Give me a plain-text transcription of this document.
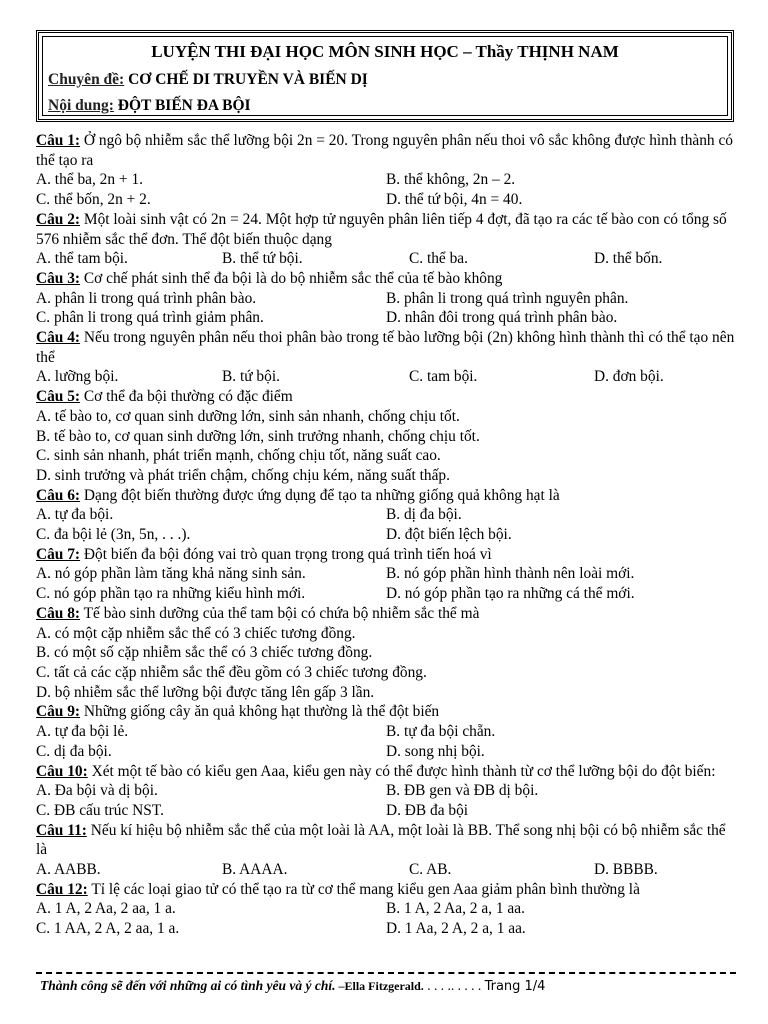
LUYỆN THI ĐẠI HỌC MÔN SINH HỌC – Thầy THỊNH NAM
Chuyên đề: CƠ CHẾ DI TRUYỀN VÀ BIẾN DỊ
Nội dung: ĐỘT BIẾN ĐA BỘI
Câu 1: Ở ngô bộ nhiễm sắc thể lưỡng bội 2n = 20. Trong nguyên phân nếu thoi vô sắc không được hình thành có thể tạo ra
A. thể ba, 2n + 1.	B. thể không, 2n – 2.
C. thể bốn, 2n + 2.	D. thể tứ bội, 4n = 40.
Câu 2: Một loài sinh vật có 2n = 24. Một hợp tử nguyên phân liên tiếp 4 đợt, đã tạo ra các tế bào con có tổng số 576 nhiễm sắc thể đơn. Thể đột biến thuộc dạng
A. thể tam bội.	B. thể tứ bội.	C. thể ba.	D. thể bốn.
Câu 3: Cơ chế phát sinh thể đa bội là do bộ nhiễm sắc thể của tế bào không
A. phân li trong quá trình phân bào.	B. phân li trong quá trình nguyên phân.
C. phân li trong quá trình giảm phân.	D. nhân đôi trong quá trình phân bào.
Câu 4: Nếu trong nguyên phân nếu thoi phân bào trong tế bào lưỡng bội (2n) không hình thành thì có thể tạo nên thể
A. lưỡng bội.	B. tứ bội.	C. tam bội.	D. đơn bội.
Câu 5: Cơ thể đa bội thường có đặc điểm
A. tế bào to, cơ quan sinh dưỡng lớn, sinh sản nhanh, chống chịu tốt.
B. tế bào to, cơ quan sinh dưỡng lớn, sinh trưởng nhanh, chống chịu tốt.
C. sinh sản nhanh, phát triển mạnh, chống chịu tốt, năng suất cao.
D. sinh trưởng và phát triển chậm, chống chịu kém, năng suất thấp.
Câu 6: Dạng đột biến thường được ứng dụng để tạo ta những giống quả không hạt là
A. tự đa bội.	B. dị đa bội.
C. đa bội lẻ (3n, 5n, . . .).	D. đột biến lệch bội.
Câu 7: Đột biến đa bội đóng vai trò quan trọng trong quá trình tiến hoá vì
A. nó góp phần làm tăng khả năng sinh sản.	B. nó góp phần hình thành nên loài mới.
C. nó góp phần tạo ra những kiểu hình mới.	D. nó góp phần tạo ra những cá thể mới.
Câu 8: Tế bào sinh dưỡng của thể tam bội có chứa bộ nhiễm sắc thể mà
A. có một cặp nhiễm sắc thể có 3 chiếc tương đồng.
B. có một số cặp nhiễm sắc thể có 3 chiếc tương đồng.
C. tất cả các cặp nhiễm sắc thể đều gồm có 3 chiếc tương đồng.
D. bộ nhiễm sắc thể lưỡng bội được tăng lên gấp 3 lần.
Câu 9: Những giống cây ăn quả không hạt thường là thể đột biến
A. tự đa bội lẻ.	B. tự đa bội chẵn.
C. dị đa bội.	D. song nhị bội.
Câu 10: Xét một tế bào có kiểu gen Aaa, kiểu gen này có thể được hình thành từ cơ thể lưỡng bội do đột biến:
A. Đa bội và dị bội.	B. ĐB gen và ĐB dị bội.
C. ĐB cấu trúc NST.	D. ĐB đa bội
Câu 11: Nếu kí hiệu bộ nhiễm sắc thể của một loài là AA, một loài là BB. Thể song nhị bội có bộ nhiễm sắc thể là
A. AABB.	B. AAAA.	C. AB.	D. BBBB.
Câu 12: Tỉ lệ các loại giao tử có thể tạo ra từ cơ thể mang kiểu gen Aaa giảm phân bình thường là
A. 1 A, 2 Aa, 2 aa, 1 a.	B. 1 A, 2 Aa, 2 a, 1 aa.
C. 1 AA, 2 A, 2 aa, 1 a.	D. 1 Aa, 2 A, 2 a, 1 aa.
Thành công sẽ đến với những ai có tình yêu và ý chí. –Ella Fitzgerald. . . . .. . . . . Trang 1/4
